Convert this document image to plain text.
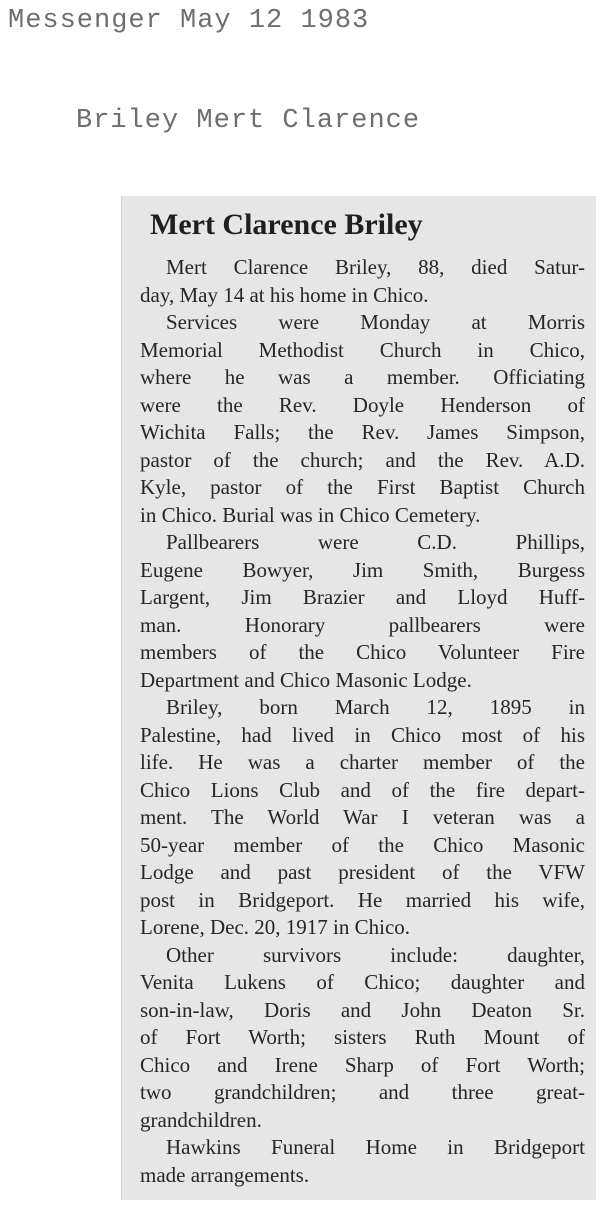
Messenger May 12 1983
Briley Mert Clarence
Mert Clarence Briley
Mert Clarence Briley, 88, died Satur-
day, May 14 at his home in Chico.
Services were Monday at Morris
Memorial Methodist Church in Chico,
where he was a member. Officiating
were the Rev. Doyle Henderson of
Wichita Falls; the Rev. James Simpson,
pastor of the church; and the Rev. A.D.
Kyle, pastor of the First Baptist Church
in Chico. Burial was in Chico Cemetery.
Pallbearers were C.D. Phillips,
Eugene Bowyer, Jim Smith, Burgess
Largent, Jim Brazier and Lloyd Huff-
man. Honorary pallbearers were
members of the Chico Volunteer Fire
Department and Chico Masonic Lodge.
Briley, born March 12, 1895 in
Palestine, had lived in Chico most of his
life. He was a charter member of the
Chico Lions Club and of the fire depart-
ment. The World War I veteran was a
50-year member of the Chico Masonic
Lodge and past president of the VFW
post in Bridgeport. He married his wife,
Lorene, Dec. 20, 1917 in Chico.
Other survivors include: daughter,
Venita Lukens of Chico; daughter and
son-in-law, Doris and John Deaton Sr.
of Fort Worth; sisters Ruth Mount of
Chico and Irene Sharp of Fort Worth;
two grandchildren; and three great-
grandchildren.
Hawkins Funeral Home in Bridgeport
made arrangements.
